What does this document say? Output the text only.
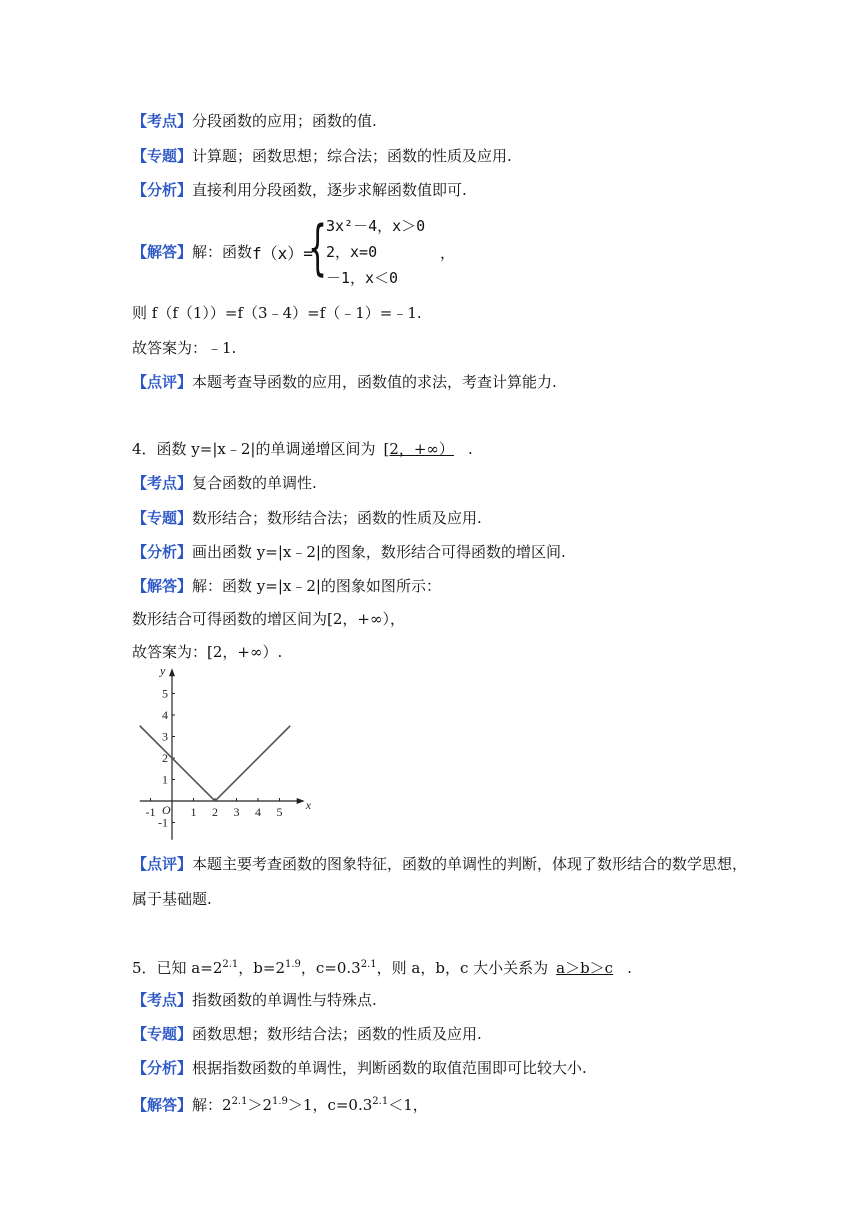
【考点】分段函数的应用；函数的值.
【专题】计算题；函数思想；综合法；函数的性质及应用.
【分析】直接利用分段函数，逐步求解函数值即可.
【解答】解：函数 f（x）=
{
3x²－4，x＞0
2，x=0
－1，x＜0
，
则 f（f（1））=f（3﹣4）=f（﹣1）=﹣1.
故答案为：﹣1.
【点评】本题考查导函数的应用，函数值的求法，考查计算能力.
4．函数 y=|x﹣2|的单调递增区间为 [2，+∞） .
【考点】复合函数的单调性.
【专题】数形结合；数形结合法；函数的性质及应用.
【分析】画出函数 y=|x﹣2|的图象，数形结合可得函数的增区间.
【解答】解：函数 y=|x﹣2|的图象如图所示：
数形结合可得函数的增区间为[2，+∞），
故答案为：[2，+∞）.
-1	1 2 3 4 5
-1
1
2
3
4
5
x
y
O
【点评】本题主要考查函数的图象特征，函数的单调性的判断，体现了数形结合的数学思想，
属于基础题.
5．已知 $a=2^{2.1}$，$b=2^{1.9}$，$c=0.3^{2.1}$，则 a，b，c 大小关系为 a＞b＞c .
【考点】指数函数的单调性与特殊点.
【专题】函数思想；数形结合法；函数的性质及应用.
【分析】根据指数函数的单调性，判断函数的取值范围即可比较大小.
【解答】解：$2^{2.1}>2^{1.9}>1$，$c=0.3^{2.1}<1$，
